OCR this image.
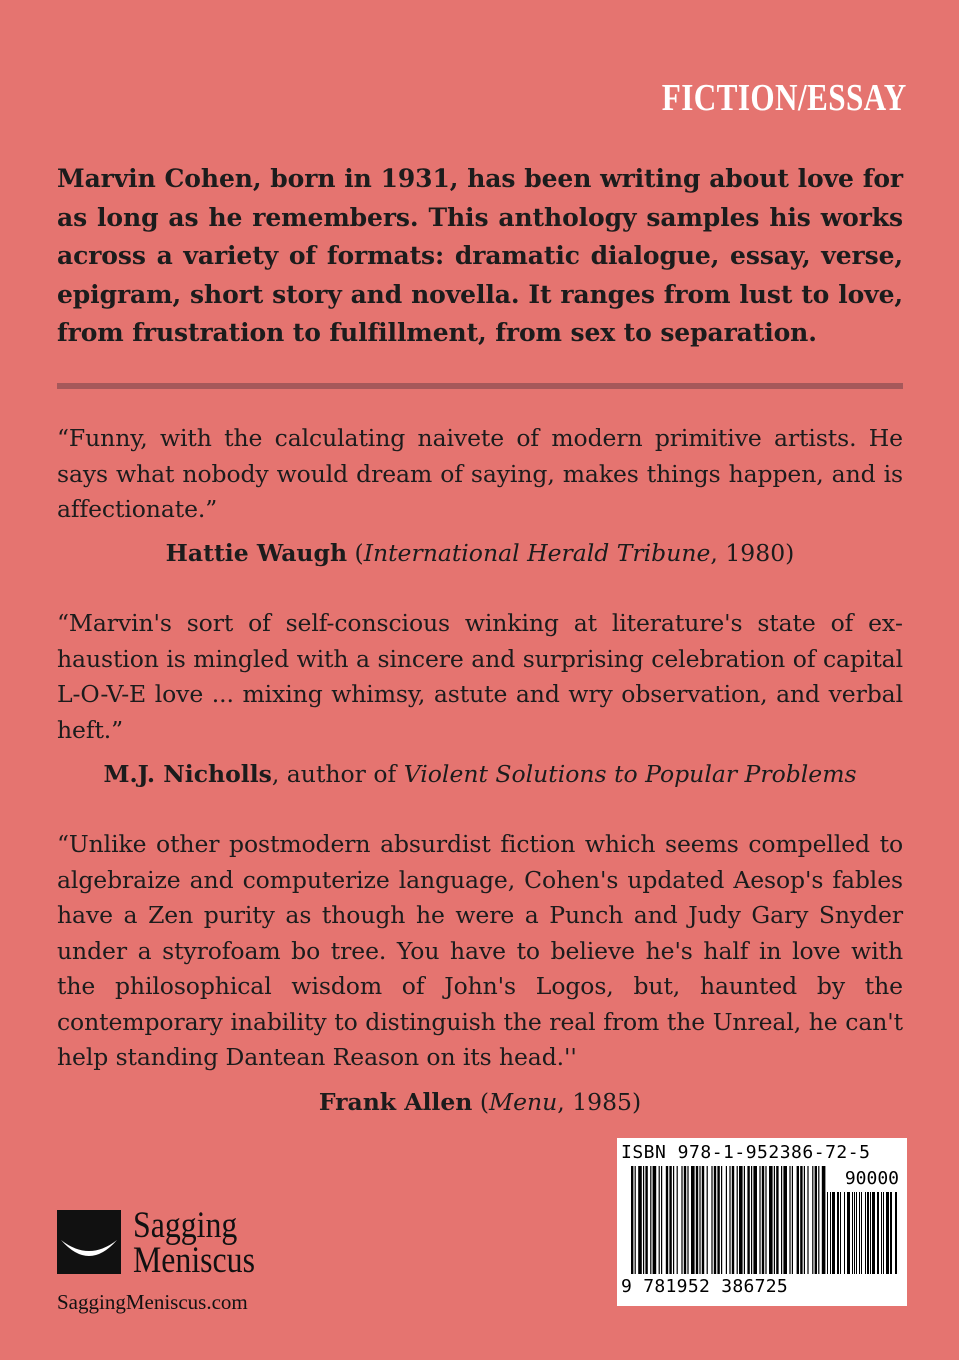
FICTION/ESSAY
Marvin Cohen, born in 1931, has been writing about love for as long as he remembers. This anthology samples his works across a variety of formats: dramatic dialogue, essay, verse, epigram, short story and novella. It ranges from lust to love, from frustration to fulfillment, from sex to separation.
“Funny, with the calculating naivete of modern primitive artists. He says what nobody would dream of saying, makes things happen, and is affectionate.”
Hattie Waugh (International Herald Tribune, 1980)
“Marvin's sort of self-conscious winking at literature's state of exhaustion is mingled with a sincere and surprising celebration of capital L-O-V-E love ... mixing whimsy, astute and wry observation, and verbal heft.”
M.J. Nicholls, author of Violent Solutions to Popular Problems
“Unlike other postmodern absurdist fiction which seems compelled to algebraize and computerize language, Cohen's updated Aesop's fables have a Zen purity as though he were a Punch and Judy Gary Snyder under a styrofoam bo tree. You have to believe he's half in love with the philosophical wisdom of John's Logos, but, haunted by the contemporary inability to distinguish the real from the Unreal, he can't help standing Dantean Reason on its head.''
Frank Allen (Menu, 1985)
Sagging
Meniscus
SaggingMeniscus.com
ISBN 978-1-952386-72-5
90000
9 781952 386725
